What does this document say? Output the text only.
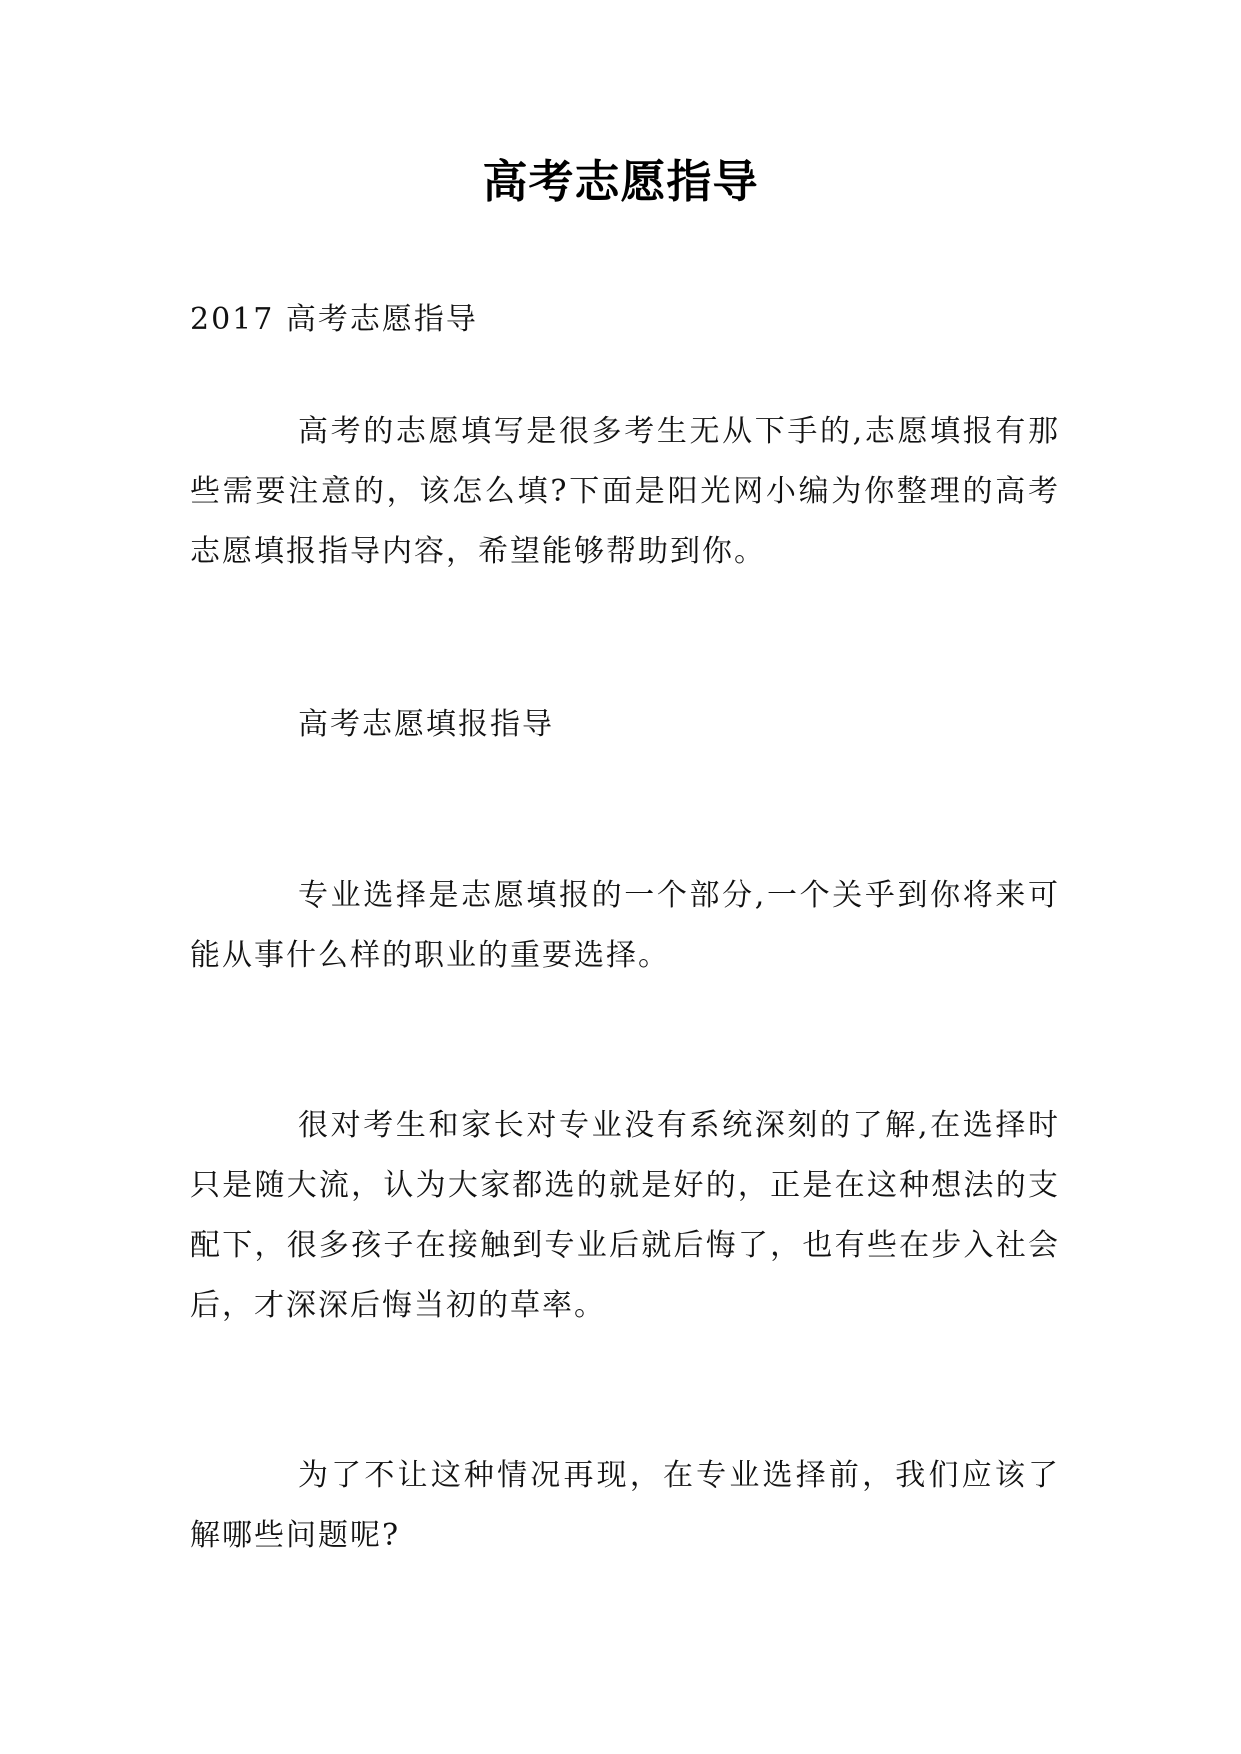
高考志愿指导

2017 高考志愿指导

高考的志愿填写是很多考生无从下手的,志愿填报有那些需要注意的，该怎么填?下面是阳光网小编为你整理的高考志愿填报指导内容，希望能够帮助到你。

高考志愿填报指导

专业选择是志愿填报的一个部分,一个关乎到你将来可能从事什么样的职业的重要选择。

很对考生和家长对专业没有系统深刻的了解,在选择时只是随大流，认为大家都选的就是好的，正是在这种想法的支配下，很多孩子在接触到专业后就后悔了，也有些在步入社会后，才深深后悔当初的草率。

为了不让这种情况再现，在专业选择前，我们应该了解哪些问题呢?
